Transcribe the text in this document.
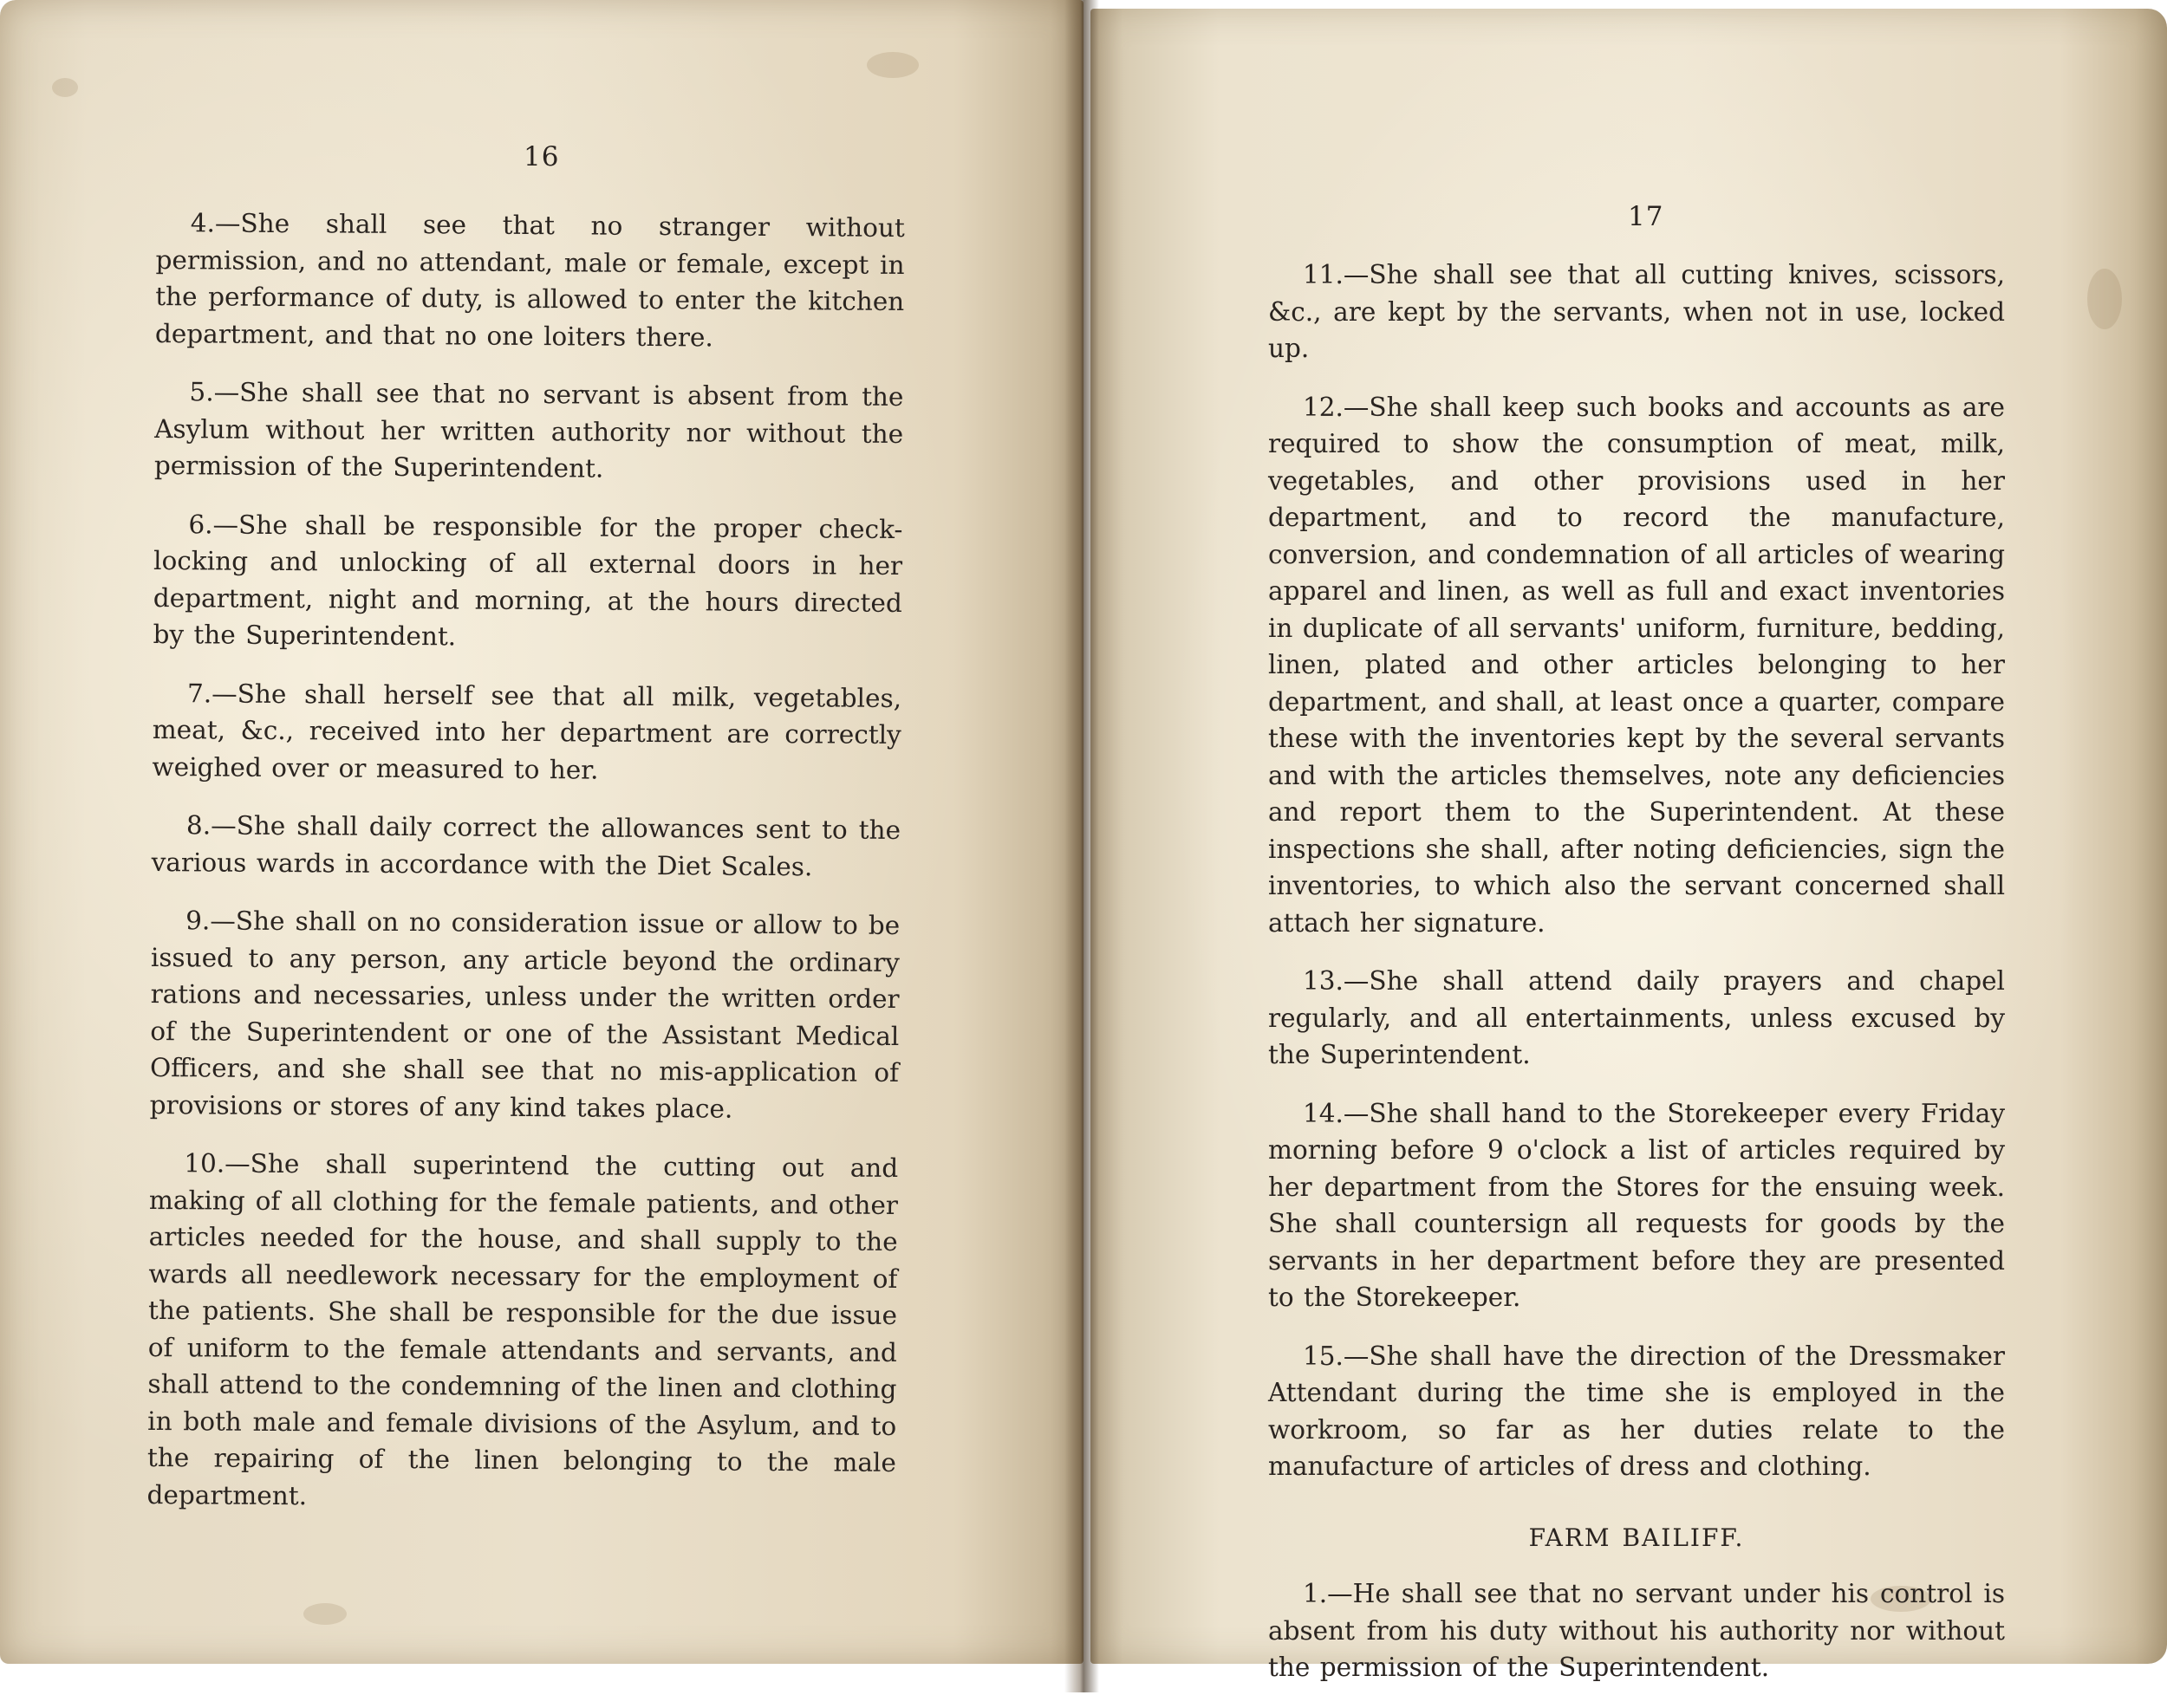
16

4.—She shall see that no stranger without permission, and no attendant, male or female, except in the performance of duty, is allowed to enter the kitchen department, and that no one loiters there.

5.—She shall see that no servant is absent from the Asylum without her written authority nor without the permission of the Superintendent.

6.—She shall be responsible for the proper check-locking and unlocking of all external doors in her department, night and morning, at the hours directed by the Superintendent.

7.—She shall herself see that all milk, vegetables, meat, &c., received into her department are correctly weighed over or measured to her.

8.—She shall daily correct the allowances sent to the various wards in accordance with the Diet Scales.

9.—She shall on no consideration issue or allow to be issued to any person, any article beyond the ordinary rations and necessaries, unless under the written order of the Superintendent or one of the Assistant Medical Officers, and she shall see that no mis-application of provisions or stores of any kind takes place.

10.—She shall superintend the cutting out and making of all clothing for the female patients, and other articles needed for the house, and shall supply to the wards all needlework necessary for the employment of the patients. She shall be responsible for the due issue of uniform to the female attendants and servants, and shall attend to the condemning of the linen and clothing in both male and female divisions of the Asylum, and to the repairing of the linen belonging to the male department.

17

11.—She shall see that all cutting knives, scissors, &c., are kept by the servants, when not in use, locked up.

12.—She shall keep such books and accounts as are required to show the consumption of meat, milk, vegetables, and other provisions used in her department, and to record the manufacture, conversion, and condemnation of all articles of wearing apparel and linen, as well as full and exact inventories in duplicate of all servants' uniform, furniture, bedding, linen, plated and other articles belonging to her department, and shall, at least once a quarter, compare these with the inventories kept by the several servants and with the articles themselves, note any deficiencies and report them to the Superintendent. At these inspections she shall, after noting deficiencies, sign the inventories, to which also the servant concerned shall attach her signature.

13.—She shall attend daily prayers and chapel regularly, and all entertainments, unless excused by the Superintendent.

14.—She shall hand to the Storekeeper every Friday morning before 9 o'clock a list of articles required by her department from the Stores for the ensuing week. She shall countersign all requests for goods by the servants in her department before they are presented to the Storekeeper.

15.—She shall have the direction of the Dressmaker Attendant during the time she is employed in the workroom, so far as her duties relate to the manufacture of articles of dress and clothing.

FARM BAILIFF.

1.—He shall see that no servant under his control is absent from his duty without his authority nor without the permission of the Superintendent.
